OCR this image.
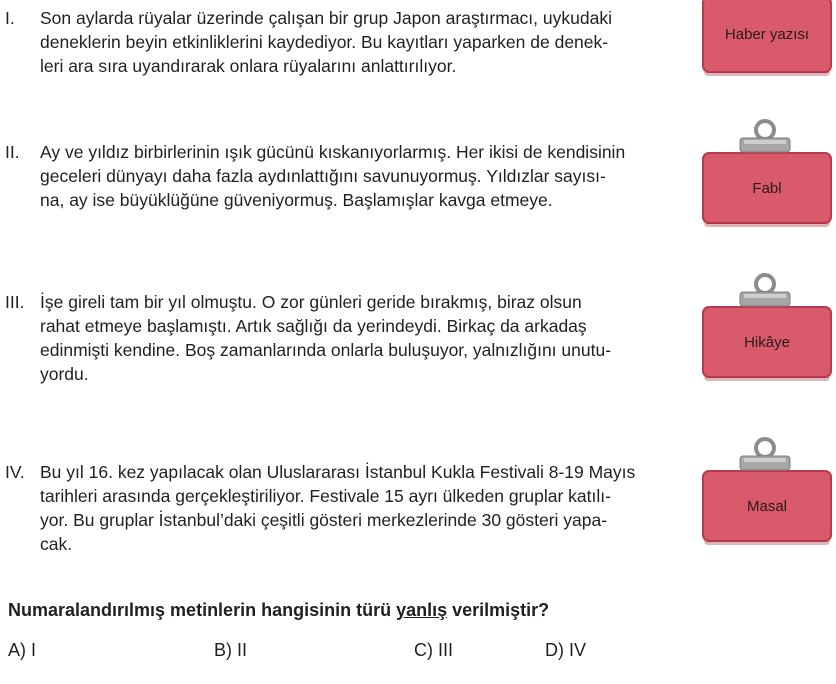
I.	Son aylarda rüyalar üzerinde çalışan bir grup Japon araştırmacı, uykudaki
deneklerin beyin etkinliklerini kaydediyor. Bu kayıtları yaparken de denek-
leri ara sıra uyandırarak onlara rüyalarını anlattırılıyor.
Haber yazısı
II.	Ay ve yıldız birbirlerinin ışık gücünü kıskanıyorlarmış. Her ikisi de kendisinin
geceleri dünyayı daha fazla aydınlattığını savunuyormuş. Yıldızlar sayısı-
na, ay ise büyüklüğüne güveniyormuş. Başlamışlar kavga etmeye.
Fabl
III. İşe gireli tam bir yıl olmuştu. O zor günleri geride bırakmış, biraz olsun
rahat etmeye başlamıştı. Artık sağlığı da yerindeydi. Birkaç da arkadaş
edinmişti kendine. Boş zamanlarında onlarla buluşuyor, yalnızlığını unutu-
yordu.
Hikâye
IV. Bu yıl 16. kez yapılacak olan Uluslararası İstanbul Kukla Festivali 8-19 Mayıs
tarihleri arasında gerçekleştiriliyor. Festivale 15 ayrı ülkeden gruplar katılı-
yor. Bu gruplar İstanbul’daki çeşitli gösteri merkezlerinde 30 gösteri yapa-
cak.
Masal
Numaralandırılmış metinlerin hangisinin türü yanlış verilmiştir?
A) I	B) II	C) III	D) IV
